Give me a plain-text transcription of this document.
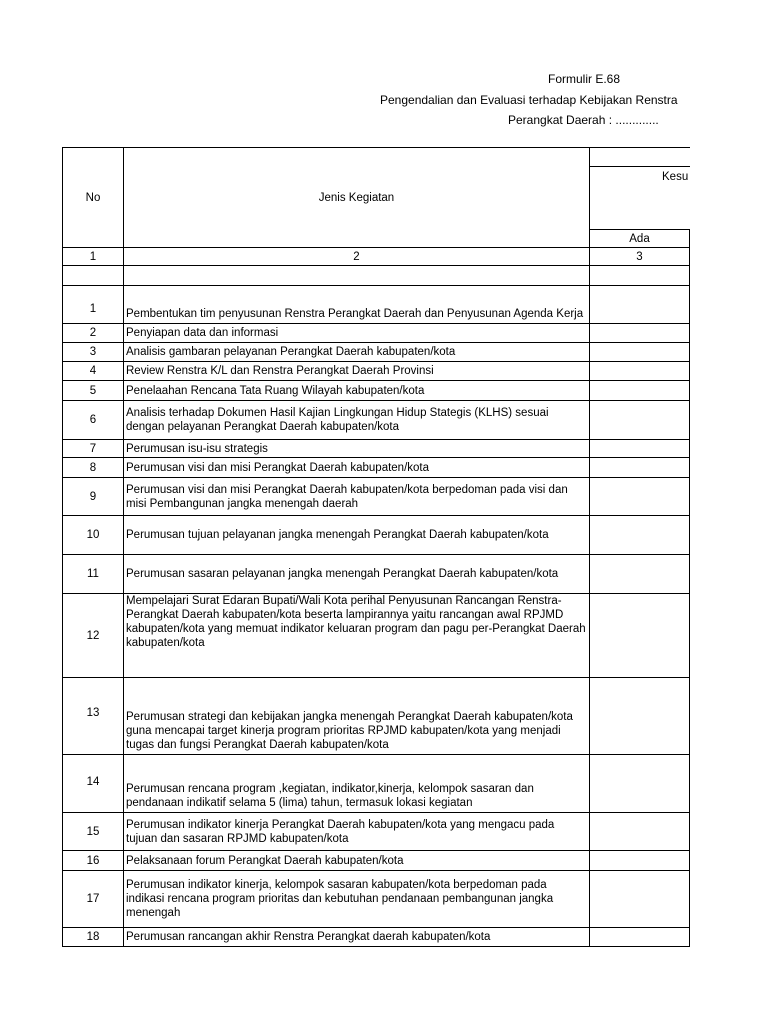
Formulir E.68
Pengendalian dan Evaluasi terhadap Kebijakan Renstra
Perangkat Daerah : .............
No	Jenis Kegiatan	Kesu	

		Ada	
1	2	3	

1	Pembentukan tim penyusunan Renstra Perangkat Daerah dan Penyusunan Agenda Kerja		
2	Penyiapan data dan informasi		
3	Analisis gambaran pelayanan Perangkat Daerah kabupaten/kota		
4	Review Renstra K/L dan Renstra Perangkat Daerah Provinsi		
5	Penelaahan Rencana Tata Ruang Wilayah kabupaten/kota		
6	Analisis terhadap Dokumen Hasil Kajian Lingkungan Hidup Stategis (KLHS) sesuai dengan pelayanan Perangkat Daerah kabupaten/kota		
7	Perumusan isu-isu strategis		
8	Perumusan visi dan misi Perangkat Daerah kabupaten/kota		
9	Perumusan visi dan misi Perangkat Daerah kabupaten/kota berpedoman pada visi dan misi Pembangunan jangka menengah daerah		
10	Perumusan tujuan pelayanan jangka menengah Perangkat Daerah kabupaten/kota		
11	Perumusan sasaran pelayanan jangka menengah Perangkat Daerah kabupaten/kota		
12	Mempelajari Surat Edaran Bupati/Wali Kota perihal Penyusunan Rancangan Renstra-Perangkat Daerah kabupaten/kota beserta lampirannya yaitu rancangan awal RPJMD kabupaten/kota yang memuat indikator keluaran program dan pagu per-Perangkat Daerah kabupaten/kota		
13	Perumusan strategi dan kebijakan jangka menengah Perangkat Daerah kabupaten/kota guna mencapai target kinerja program prioritas RPJMD kabupaten/kota yang menjadi tugas dan fungsi Perangkat Daerah kabupaten/kota		
14	Perumusan rencana program ,kegiatan, indikator,kinerja, kelompok sasaran dan pendanaan indikatif selama 5 (lima) tahun, termasuk lokasi kegiatan		
15	Perumusan indikator kinerja Perangkat Daerah kabupaten/kota yang mengacu pada tujuan dan sasaran RPJMD kabupaten/kota		
16	Pelaksanaan forum Perangkat Daerah kabupaten/kota		
17	Perumusan indikator kinerja, kelompok sasaran kabupaten/kota berpedoman pada indikasi rencana program prioritas dan kebutuhan pendanaan pembangunan jangka menengah		
18	Perumusan rancangan akhir Renstra Perangkat daerah kabupaten/kota		
